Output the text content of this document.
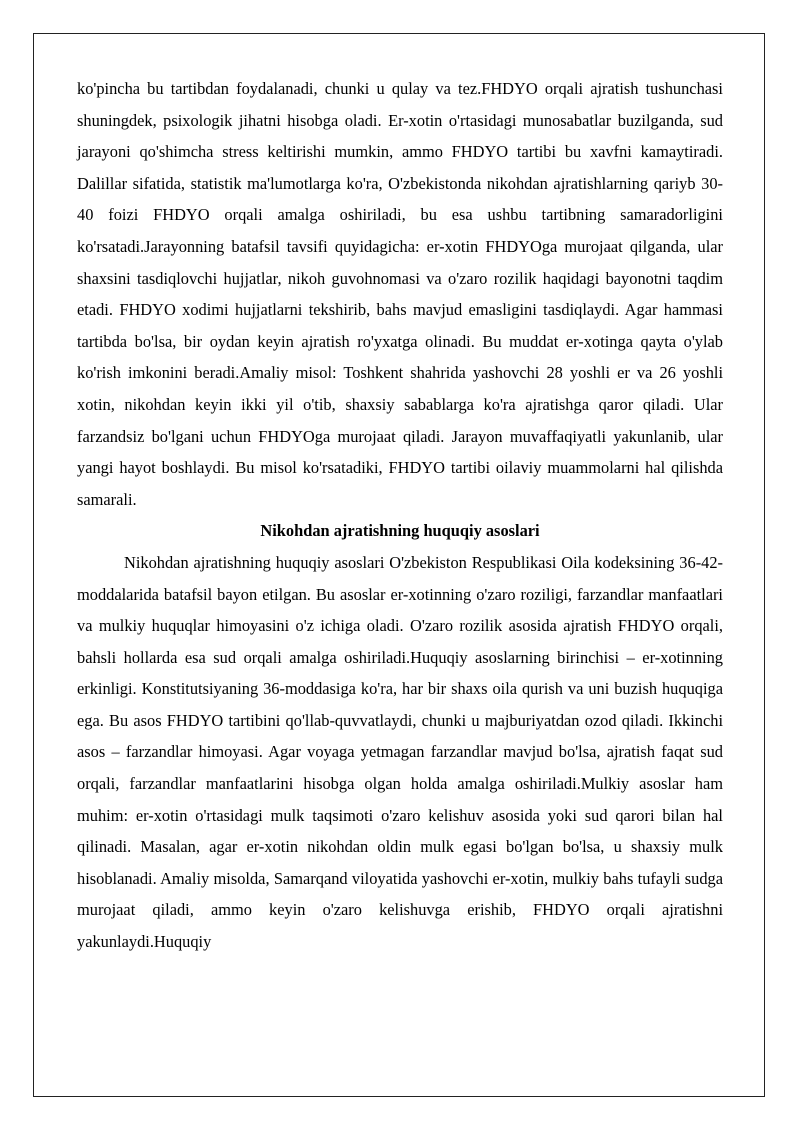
ko'pincha bu tartibdan foydalanadi, chunki u qulay va tez.FHDYO orqali ajratish tushunchasi shuningdek, psixologik jihatni hisobga oladi. Er-xotin o'rtasidagi munosabatlar buzilganda, sud jarayoni qo'shimcha stress keltirishi mumkin, ammo FHDYO tartibi bu xavfni kamaytiradi. Dalillar sifatida, statistik ma'lumotlarga ko'ra, O'zbekistonda nikohdan ajratishlarning qariyb 30-40 foizi FHDYO orqali amalga oshiriladi, bu esa ushbu tartibning samaradorligini ko'rsatadi.Jarayonning batafsil tavsifi quyidagicha: er-xotin FHDYOga murojaat qilganda, ular shaxsini tasdiqlovchi hujjatlar, nikoh guvohnomasi va o'zaro rozilik haqidagi bayonotni taqdim etadi. FHDYO xodimi hujjatlarni tekshirib, bahs mavjud emasligini tasdiqlaydi. Agar hammasi tartibda bo'lsa, bir oydan keyin ajratish ro'yxatga olinadi. Bu muddat er-xotinga qayta o'ylab ko'rish imkonini beradi.Amaliy misol: Toshkent shahrida yashovchi 28 yoshli er va 26 yoshli xotin, nikohdan keyin ikki yil o'tib, shaxsiy sabablarga ko'ra ajratishga qaror qiladi. Ular farzandsiz bo'lgani uchun FHDYOga murojaat qiladi. Jarayon muvaffaqiyatli yakunlanib, ular yangi hayot boshlaydi. Bu misol ko'rsatadiki, FHDYO tartibi oilaviy muammolarni hal qilishda samarali.

Nikohdan ajratishning huquqiy asoslari

Nikohdan ajratishning huquqiy asoslari O'zbekiston Respublikasi Oila kodeksining 36-42-moddalarida batafsil bayon etilgan. Bu asoslar er-xotinning o'zaro roziligi, farzandlar manfaatlari va mulkiy huquqlar himoyasini o'z ichiga oladi. O'zaro rozilik asosida ajratish FHDYO orqali, bahsli hollarda esa sud orqali amalga oshiriladi.Huquqiy asoslarning birinchisi – er-xotinning erkinligi. Konstitutsiyaning 36-moddasiga ko'ra, har bir shaxs oila qurish va uni buzish huquqiga ega. Bu asos FHDYO tartibini qo'llab-quvvatlaydi, chunki u majburiyatdan ozod qiladi. Ikkinchi asos – farzandlar himoyasi. Agar voyaga yetmagan farzandlar mavjud bo'lsa, ajratish faqat sud orqali, farzandlar manfaatlarini hisobga olgan holda amalga oshiriladi.Mulkiy asoslar ham muhim: er-xotin o'rtasidagi mulk taqsimoti o'zaro kelishuv asosida yoki sud qarori bilan hal qilinadi. Masalan, agar er-xotin nikohdan oldin mulk egasi bo'lgan bo'lsa, u shaxsiy mulk hisoblanadi. Amaliy misolda, Samarqand viloyatida yashovchi er-xotin, mulkiy bahs tufayli sudga murojaat qiladi, ammo keyin o'zaro kelishuvga erishib, FHDYO orqali ajratishni yakunlaydi.Huquqiy
